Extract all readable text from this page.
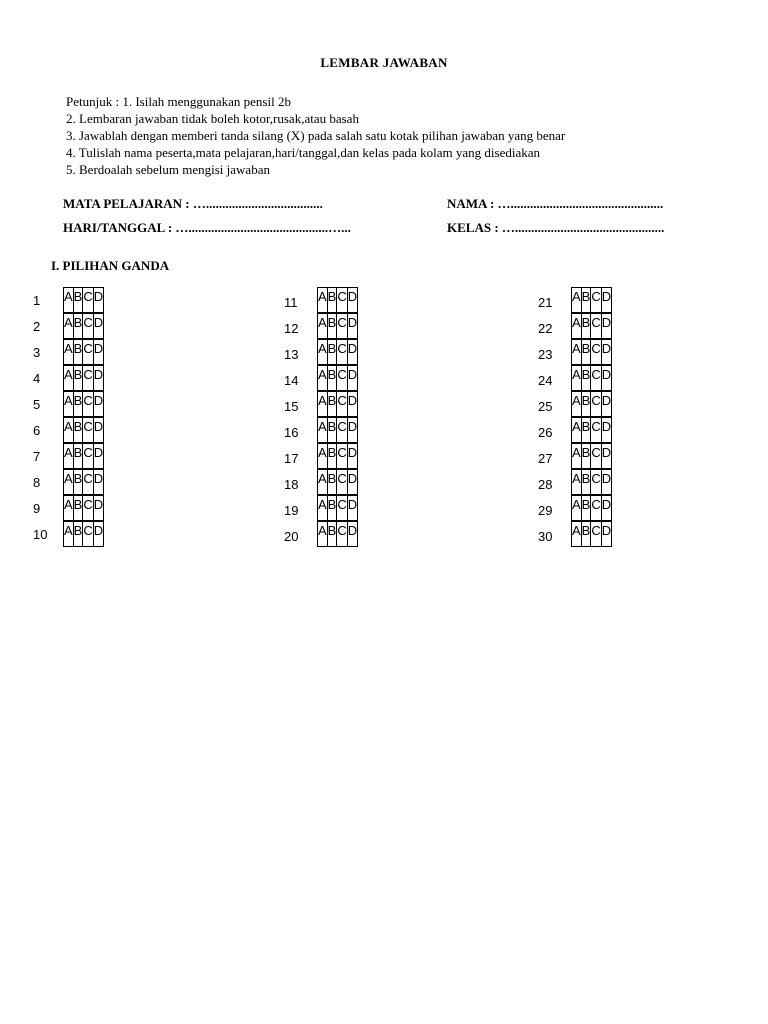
LEMBAR JAWABAN
Petunjuk : 1. Isilah menggunakan pensil 2b
2. Lembaran jawaban tidak boleh kotor,rusak,atau basah
3. Jawablah dengan memberi tanda silang (X) pada salah satu kotak pilihan jawaban yang benar
4. Tulislah nama peserta,mata pelajaran,hari/tanggal,dan kelas pada kolam yang disediakan
5. Berdoalah sebelum mengisi jawaban
MATA PELAJARAN : …....................................	NAMA : …...............................................
HARI/TANGGAL : …...........................................…...	KELAS : …..............................................
I. PILIHAN GANDA
1	A	B	C	D
2	A	B	C	D
3	A	B	C	D
4	A	B	C	D
5	A	B	C	D
6	A	B	C	D
7	A	B	C	D
8	A	B	C	D
9	A	B	C	D
10	A	B	C	D
11	A	B	C	D
12	A	B	C	D
13	A	B	C	D
14	A	B	C	D
15	A	B	C	D
16	A	B	C	D
17	A	B	C	D
18	A	B	C	D
19	A	B	C	D
20	A	B	C	D
21	A	B	C	D
22	A	B	C	D
23	A	B	C	D
24	A	B	C	D
25	A	B	C	D
26	A	B	C	D
27	A	B	C	D
28	A	B	C	D
29	A	B	C	D
30	A	B	C	D
